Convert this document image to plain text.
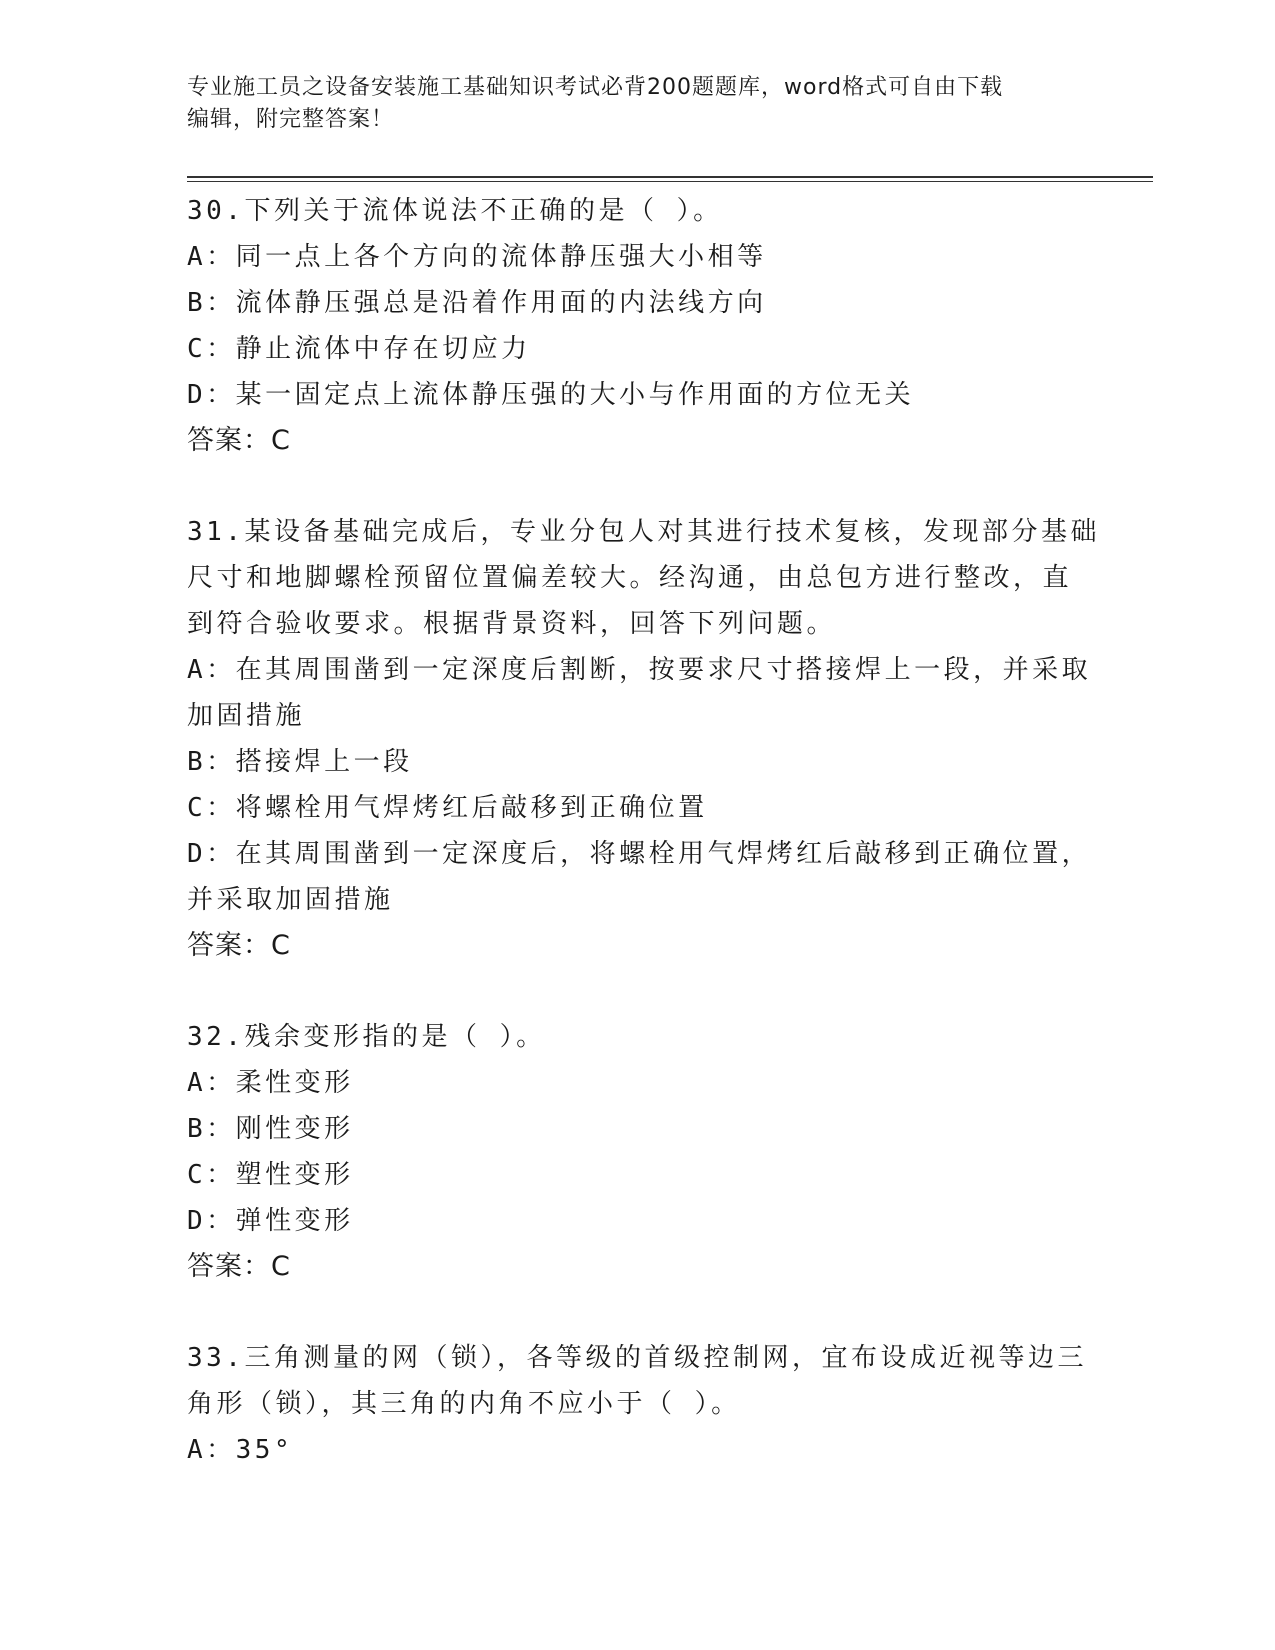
专业施工员之设备安装施工基础知识考试必背200题题库，word格式可自由下载
编辑，附完整答案！
30.下列关于流体说法不正确的是（ ）。
A：同一点上各个方向的流体静压强大小相等
B：流体静压强总是沿着作用面的内法线方向
C：静止流体中存在切应力
D：某一固定点上流体静压强的大小与作用面的方位无关
答案：C
31.某设备基础完成后，专业分包人对其进行技术复核，发现部分基础
尺寸和地脚螺栓预留位置偏差较大。经沟通，由总包方进行整改，直
到符合验收要求。根据背景资料，回答下列问题。
A：在其周围凿到一定深度后割断，按要求尺寸搭接焊上一段，并采取
加固措施
B：搭接焊上一段
C：将螺栓用气焊烤红后敲移到正确位置
D：在其周围凿到一定深度后，将螺栓用气焊烤红后敲移到正确位置，
并采取加固措施
答案：C
32.残余变形指的是（ ）。
A：柔性变形
B：刚性变形
C：塑性变形
D：弹性变形
答案：C
33.三角测量的网（锁），各等级的首级控制网，宜布设成近视等边三
角形（锁），其三角的内角不应小于（ ）。
A：35°
